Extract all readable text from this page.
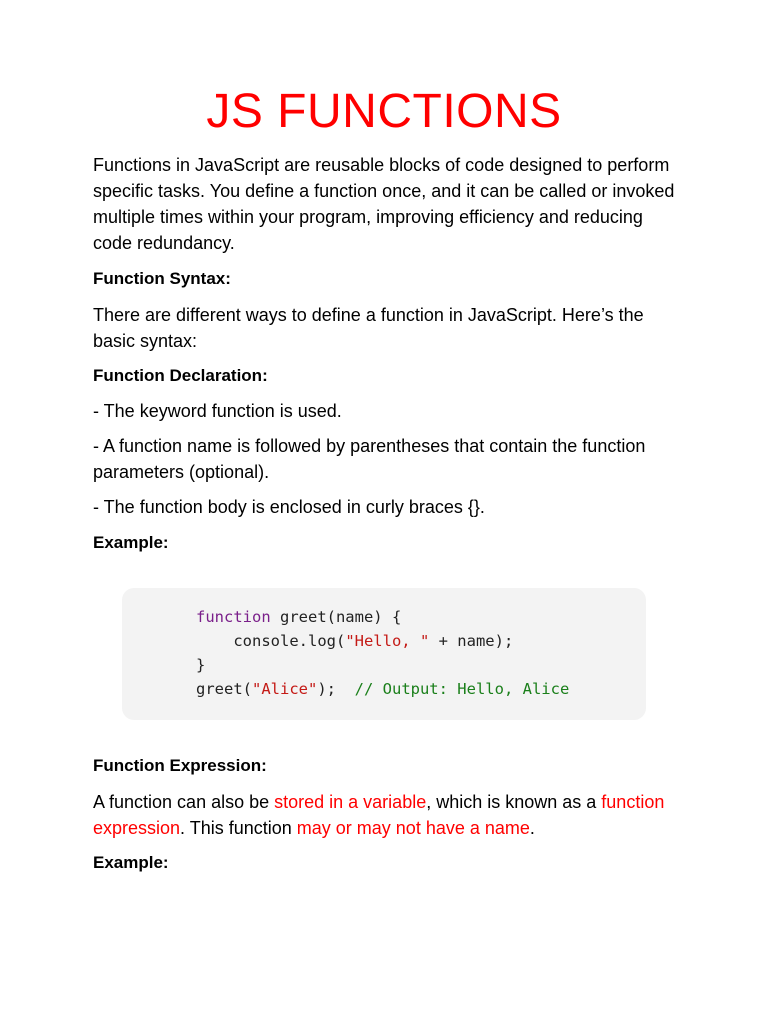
JS FUNCTIONS

Functions in JavaScript are reusable blocks of code designed to perform specific tasks. You define a function once, and it can be called or invoked multiple times within your program, improving efficiency and reducing code redundancy.

Function Syntax:

There are different ways to define a function in JavaScript. Here’s the basic syntax:

Function Declaration:

- The keyword function is used.

- A function name is followed by parentheses that contain the function parameters (optional).

- The function body is enclosed in curly braces {}.

Example:

function greet(name) {
console.log("Hello, " + name);
}
greet("Alice");  // Output: Hello, Alice

Function Expression:

A function can also be stored in a variable, which is known as a function expression. This function may or may not have a name.

Example:
